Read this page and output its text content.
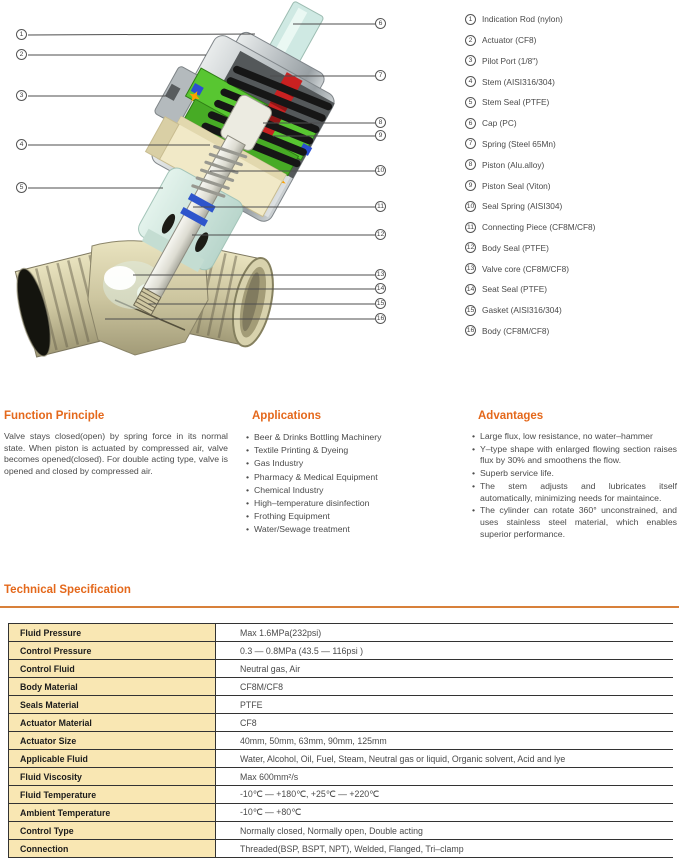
1
2
3
4
5
6
7
8
9
10
11
12
13
14
15
16
1	Indication Rod (nylon)
2	Actuator (CF8)
3	Pilot Port (1/8")
4	Stem (AISI316/304)
5	Stem Seal (PTFE)
6	Cap (PC)
7	Spring (Steel 65Mn)
8	Piston (Alu.alloy)
9	Piston Seal (Viton)
10 Seal Spring (AISI304)
11 Connecting Piece (CF8M/CF8)
12 Body Seal (PTFE)
13 Valve core (CF8M/CF8)
14 Seat Seal (PTFE)
15 Gasket (AISI316/304)
16 Body (CF8M/CF8)
Function Principle

Valve stays closed(open) by spring force in its normal state. When piston is actuated by compressed air, valve becomes opened(closed). For double acting type, valve is opened and closed by compressed air.

Applications
• Beer & Drinks Bottling Machinery
• Textile Printing & Dyeing
• Gas Industry
• Pharmacy & Medical Equipment
• Chemical Industry
• High–temperature disinfection
• Frothing Equipment
• Water/Sewage treatment
Advantages
• Large flux, low resistance, no water–hammer
• Y–type shape with enlarged flowing section raises flux by 30% and smoothens the flow.
• Superb service life.
• The stem adjusts and lubricates itself automatically, minimizing needs for maintaince.
• The cylinder can rotate 360° unconstrained, and uses stainless steel material, which enables superior performance.
Technical Specification
Fluid Pressure	Max 1.6MPa(232psi)
Control Pressure	0.3 — 0.8MPa (43.5 — 116psi )
Control Fluid	Neutral gas, Air
Body Material	CF8M/CF8
Seals Material	PTFE
Actuator Material	CF8
Actuator Size	40mm, 50mm, 63mm, 90mm, 125mm
Applicable Fluid	Water, Alcohol, Oil, Fuel, Steam, Neutral gas or liquid, Organic solvent, Acid and lye
Fluid Viscosity	Max 600mm²/s
Fluid Temperature	-10℃ — +180℃, +25℃ — +220℃
Ambient Temperature	-10℃ — +80℃
Control Type	Normally closed, Normally open, Double acting
Connection	Threaded(BSP, BSPT, NPT), Welded, Flanged, Tri–clamp
